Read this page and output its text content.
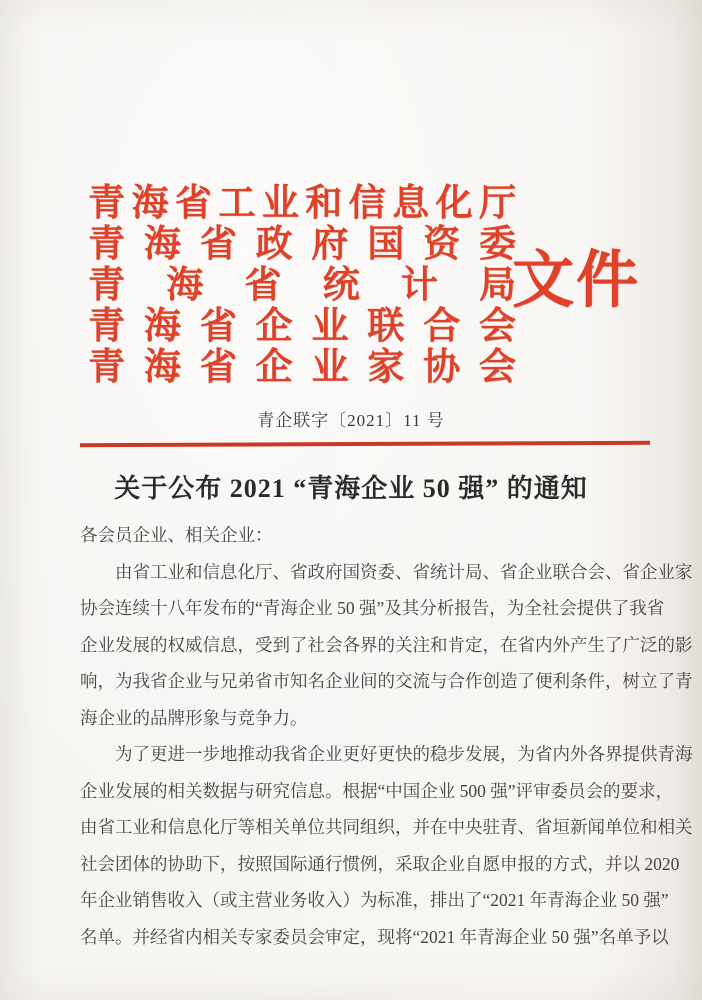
青 海 省 工 业 和 信 息 化 厅
青 海 省 政 府 国 资 委
青 海 省 统 计 局
青 海 省 企 业 联 合 会
青 海 省 企 业 家 协 会
文件
青企联字〔2021〕11 号
关于公布 2021 “青海企业 50 强” 的通知
各会员企业、相关企业：
由省工业和信息化厅、省政府国资委、省统计局、省企业联合会、省企业家
协会连续十八年发布的“青海企业 50 强”及其分析报告，为全社会提供了我省
企业发展的权威信息，受到了社会各界的关注和肯定，在省内外产生了广泛的影
响，为我省企业与兄弟省市知名企业间的交流与合作创造了便利条件，树立了青
海企业的品牌形象与竞争力。
为了更进一步地推动我省企业更好更快的稳步发展，为省内外各界提供青海
企业发展的相关数据与研究信息。根据“中国企业 500 强”评审委员会的要求，
由省工业和信息化厅等相关单位共同组织，并在中央驻青、省垣新闻单位和相关
社会团体的协助下，按照国际通行惯例，采取企业自愿申报的方式，并以 2020
年企业销售收入（或主营业务收入）为标准，排出了“2021 年青海企业 50 强”
名单。并经省内相关专家委员会审定，现将“2021 年青海企业 50 强”名单予以
